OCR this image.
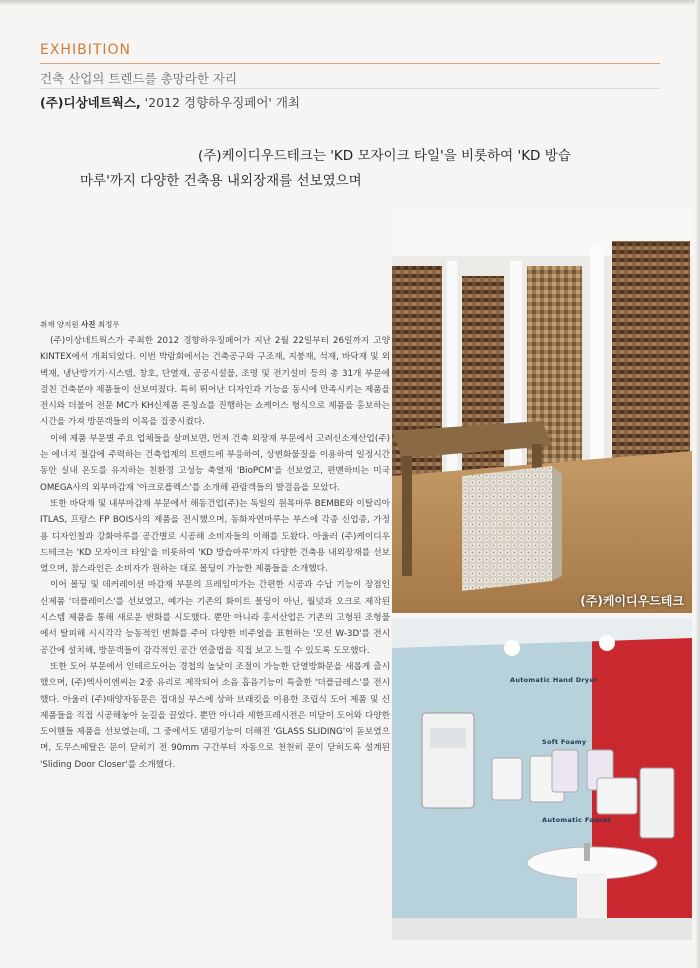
EXHIBITION
건축 산업의 트렌드를 총망라한 자리
(주)디상네트웍스, '2012 경향하우징페어' 개최
(주)케이디우드테크는 'KD 모자이크 타일'을 비롯하여 'KD 방습
마루'까지 다양한 건축용 내외장재를 선보였으며
취재 양지원 사진 최정우

(주)이상네트웍스가 주최한 2012 경향하우징페어가 지난 2월 22일부터 26일까지 고양 KINTEX에서 개최되었다. 이번 박람회에서는 건축공구와 구조재, 지붕재, 석재, 바닥재 및 외벽재, 냉난방기기·시스템, 창호, 단열재, 공공시설물, 조명 및 전기설비 등의 총 31개 부문에 걸친 건축분야 제품들이 선보여졌다. 특히 뛰어난 디자인과 기능을 동시에 만족시키는 제품을 전시와 더불어 전문 MC가 KH신제품 론칭쇼를 진행하는 쇼케이스 형식으로 제품을 홍보하는 시간을 가져 방문객들의 이목을 집중시켰다.

이에 제품 부문별 주요 업체들을 살펴보면, 먼저 건축 외장재 부문에서 고려신소재산업(주)는 에너지 절감에 주력하는 건축업계의 트렌드에 부응하여, 상변화물질을 이용하여 일정시간 동안 실내 온도를 유지하는 친환경 고성능 축열재 'BioPCM'을 선보였고, 편맨하비는 미국 OMEGA사의 외부마감재 '아크로플렉스'를 소개해 관람객들의 발걸음을 모았다.

또한 바닥재 및 내부마감재 부문에서 해동건업(주)는 독일의 원목마루 BEMBE와 이탈리아 ITLAS, 프랑스 FP BOIS사의 제품을 전시했으며, 동화자연마루는 부스에 각종 신업종, 가정용 디자인칠과 강화마루를 공간별로 시공해 소비자들의 이해를 도왔다. 아울러 (주)케이디우드테크는 'KD 모자이크 타일'을 비롯하여 'KD 방습마루'까지 다양한 건축용 내외장재를 선보였으며, 참스라인은 소비자가 원하는 대로 몰딩이 가능한 제품들을 소개했다.

이어 몰딩 및 데커레이션 마감재 부문의 프레임미가는 간편한 시공과 수납 기능이 장점인 신제품 '더플레이스'를 선보였고, 예가는 기존의 화이트 몰딩이 아닌, 월넛과 오크로 제작된 시스템 제품을 통해 새로운 변화를 시도했다. 뿐만 아니라 홍서산업은 기존의 고형된 조형물에서 탈피해 시시각각 능동적인 변화를 주어 다양한 비주얼을 표현하는 '모션 W-3D'를 전시 공간에 설치해, 방문객들이 감각적인 공간 연출법을 직접 보고 느낄 수 있도록 도모했다.

또한 도어 부문에서 인테르도어는 경첩의 높낮이 조절이 가능한 단열방화문을 새롭게 출시했으며, (주)엑사이엔씨는 2중 유리로 제작되어 소음 흡음기능이 특출한 '더플글레스'를 전시했다. 아울러 (주)태양자동문은 접대실 부스에 상하 브래킷을 이용한 조립식 도어 제품 및 신제품들을 직접 시공해놓아 눈길을 끌었다. 뿐만 아니라 세한프레시전은 미닫이 도어와 다양한 도어핸들 제품을 선보였는데, 그 중에서도 댐핑기능이 더해진 'GLASS SLIDING'이 돋보였으며, 도무스메탈은 문이 닫히기 전 90mm 구간부터 자동으로 천천히 문이 닫히도록 설계된 'Sliding Door Closer'를 소개했다.

(주)케이디우드테크
Automatic Hand Dryer
Soft Foamy
Automatic Faucet
